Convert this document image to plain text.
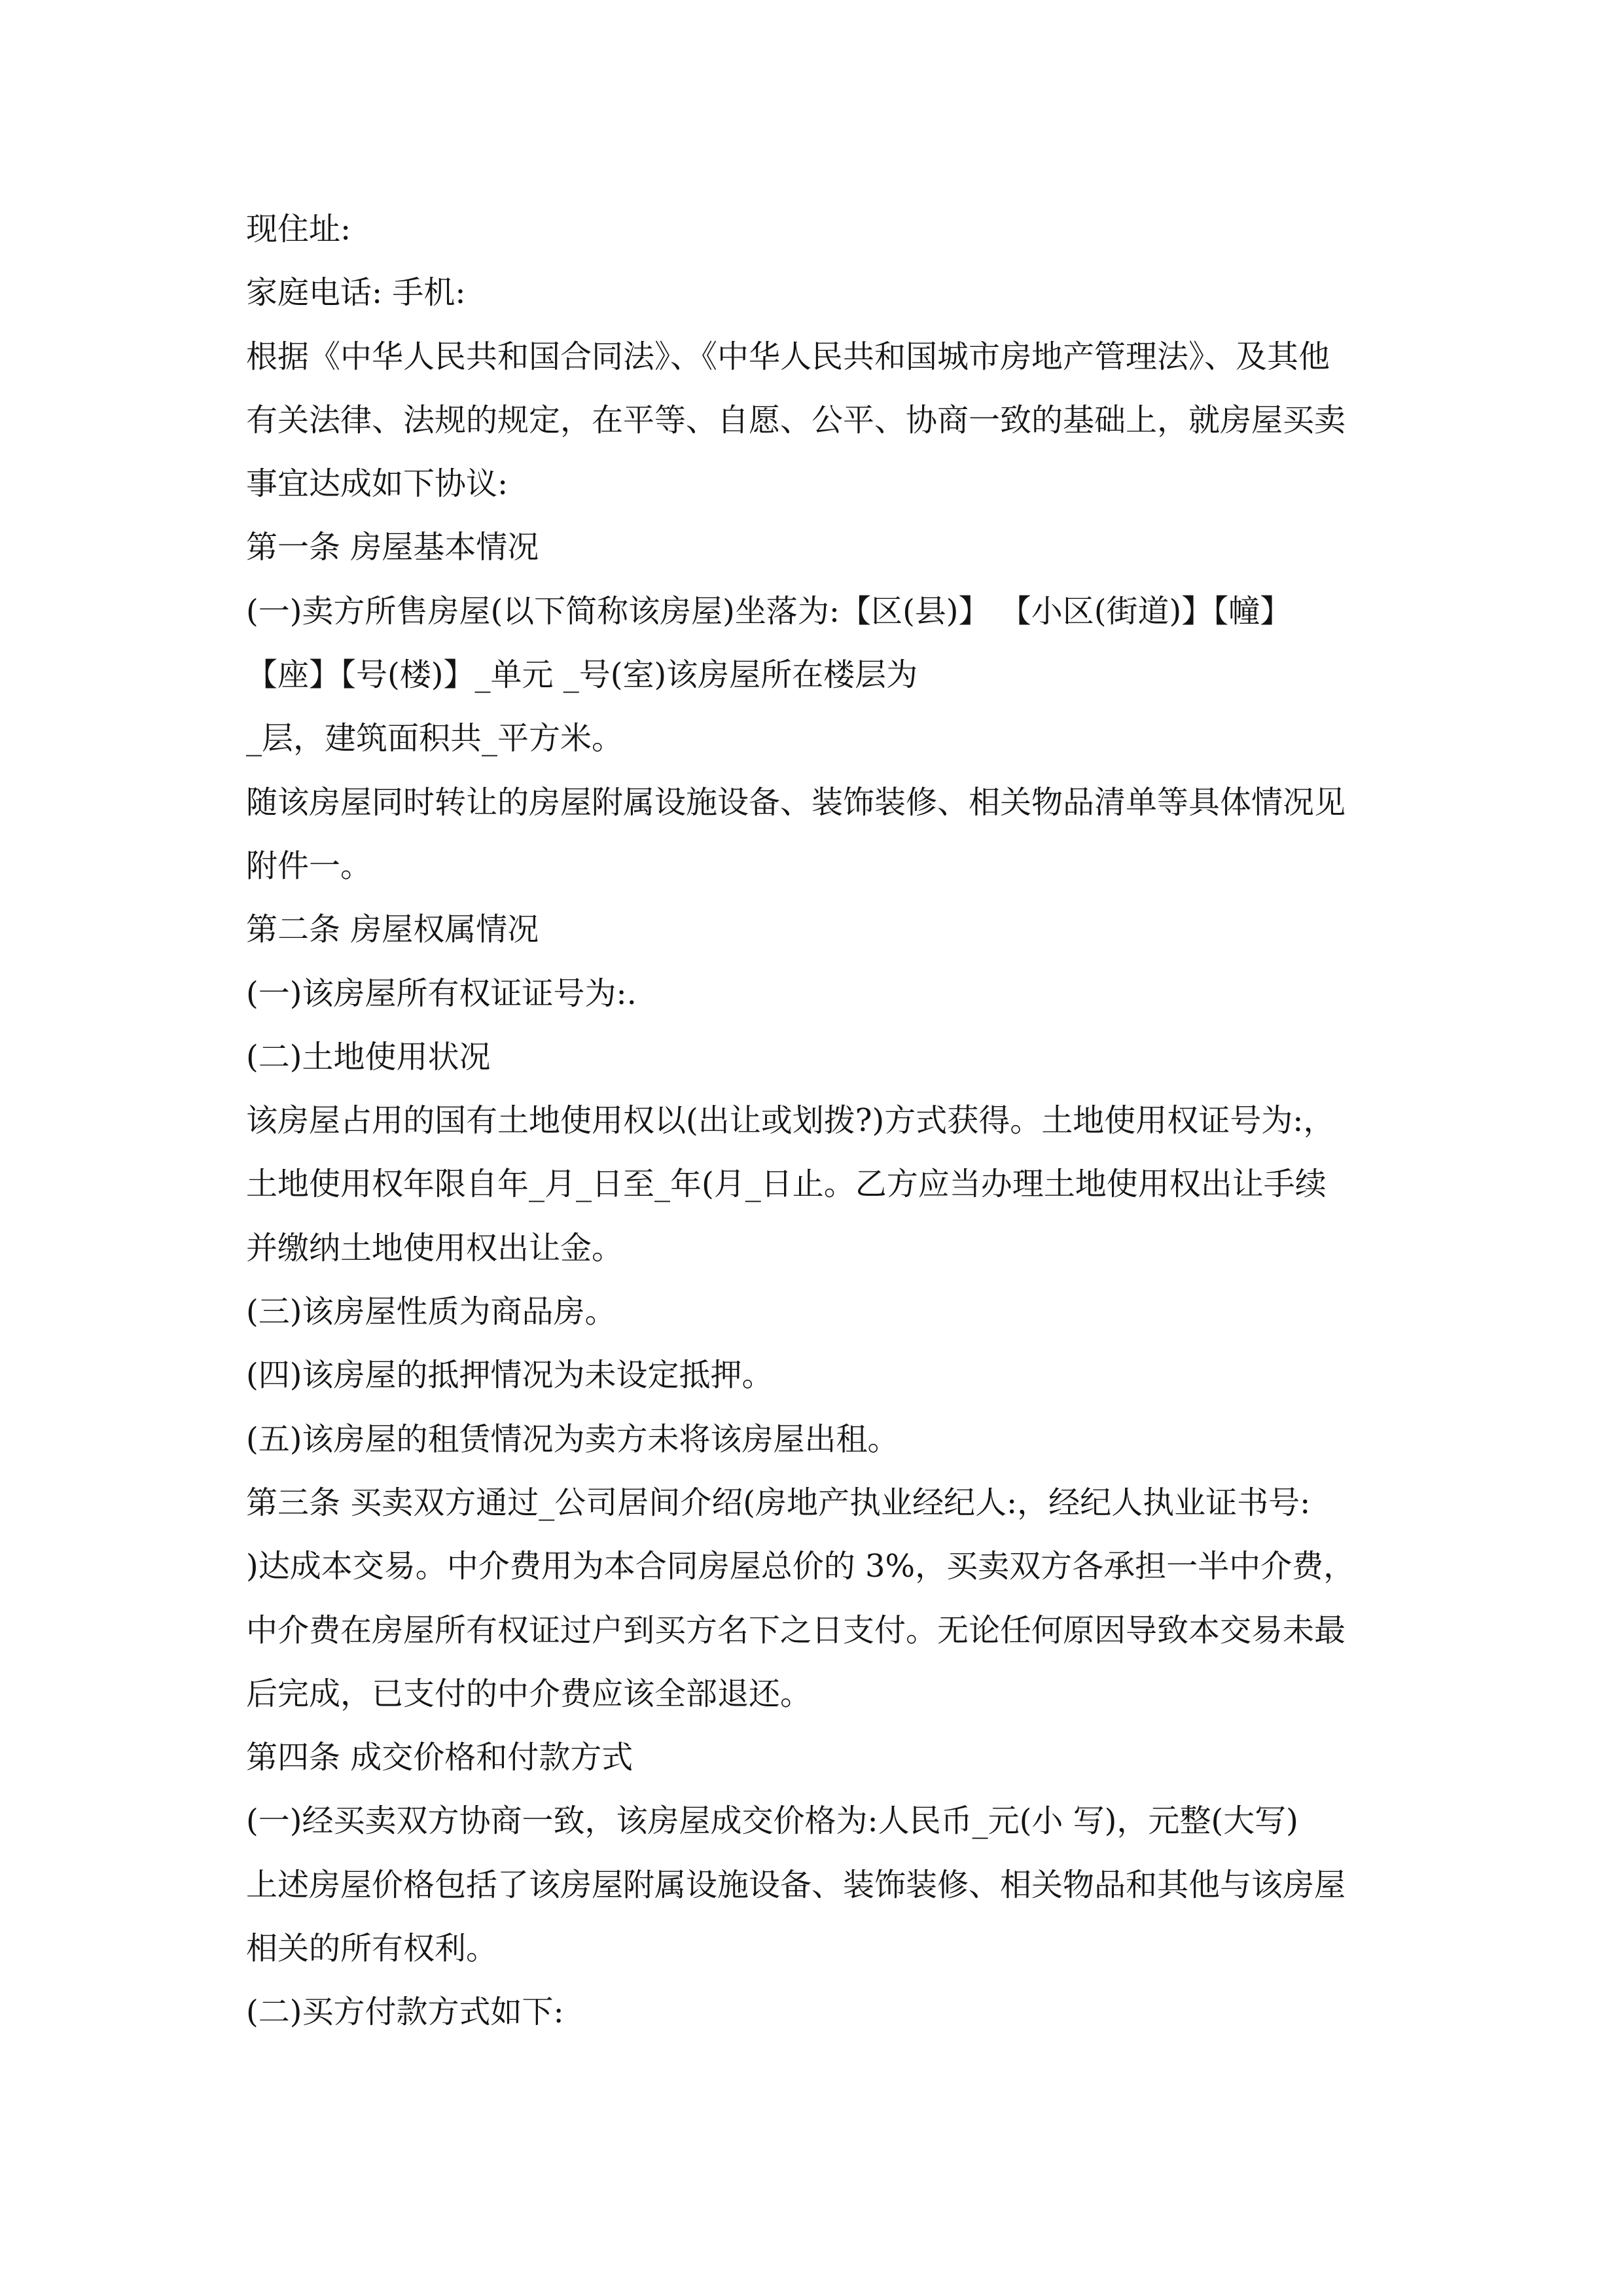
现住址:
家庭电话: 手机:
根据《中华人民共和国合同法》、《中华人民共和国城市房地产管理法》、及其他
有关法律、法规的规定，在平等、自愿、公平、协商一致的基础上，就房屋买卖
事宜达成如下协议:
第一条 房屋基本情况
(一)卖方所售房屋(以下简称该房屋)坐落为:【区(县)】 【小区(街道)】【幢】
【座】【号(楼)】_单元 _号(室)该房屋所在楼层为
_层，建筑面积共_平方米。
随该房屋同时转让的房屋附属设施设备、装饰装修、相关物品清单等具体情况见
附件一。
第二条 房屋权属情况
(一)该房屋所有权证证号为:.
(二)土地使用状况
该房屋占用的国有土地使用权以(出让或划拨?)方式获得。土地使用权证号为:，
土地使用权年限自年_月_日至_年(月_日止。乙方应当办理土地使用权出让手续
并缴纳土地使用权出让金。
(三)该房屋性质为商品房。
(四)该房屋的抵押情况为未设定抵押。
(五)该房屋的租赁情况为卖方未将该房屋出租。
第三条 买卖双方通过_公司居间介绍(房地产执业经纪人:，经纪人执业证书号:
)达成本交易。中介费用为本合同房屋总价的 3%，买卖双方各承担一半中介费，
中介费在房屋所有权证过户到买方名下之日支付。无论任何原因导致本交易未最
后完成，已支付的中介费应该全部退还。
第四条 成交价格和付款方式
(一)经买卖双方协商一致，该房屋成交价格为:人民币_元(小 写)，元整(大写)
上述房屋价格包括了该房屋附属设施设备、装饰装修、相关物品和其他与该房屋
相关的所有权利。
(二)买方付款方式如下:
